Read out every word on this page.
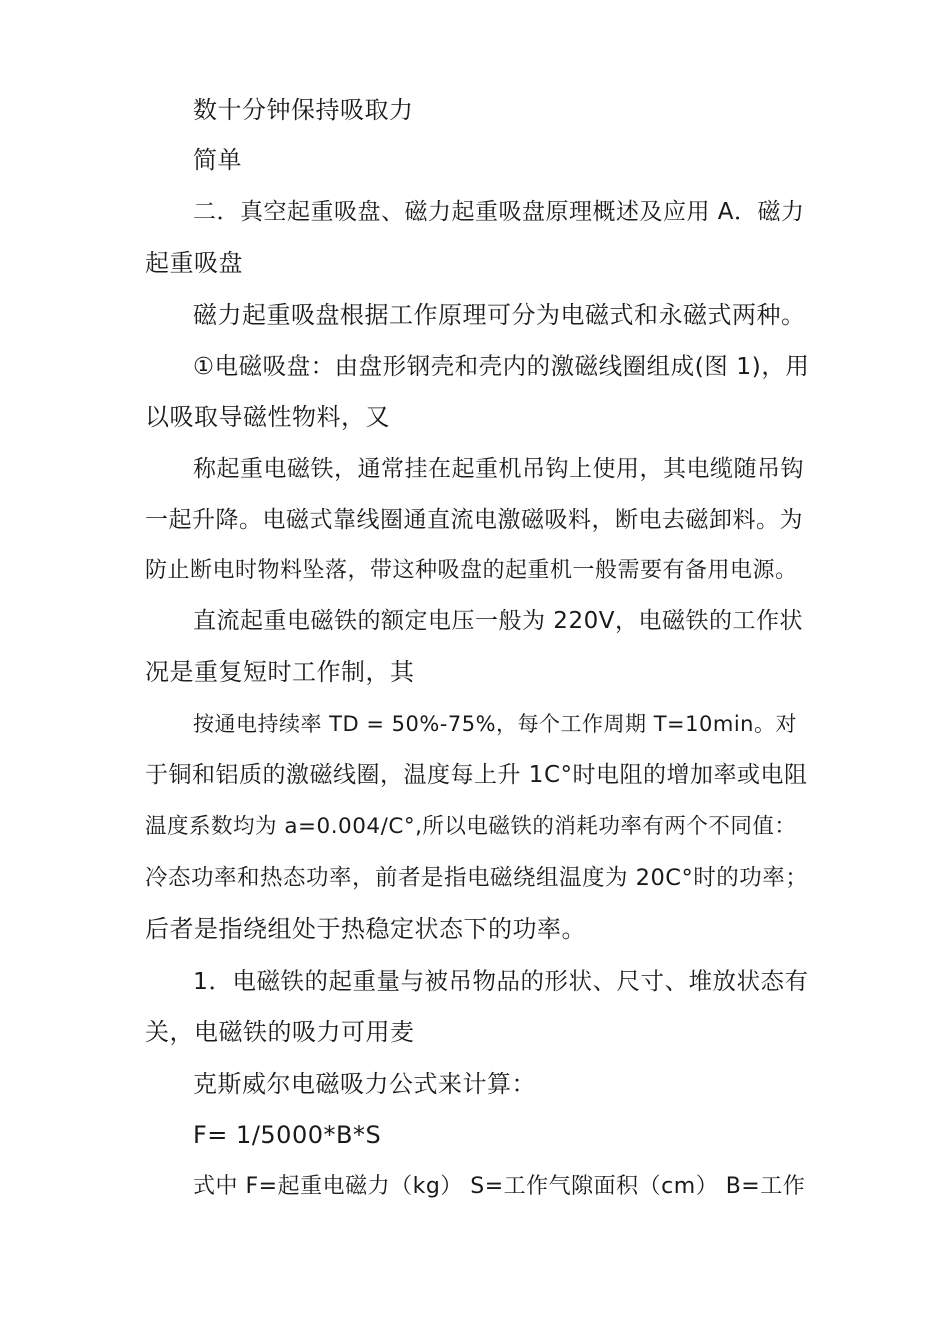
数十分钟保持吸取力
简单
二．真空起重吸盘、磁力起重吸盘原理概述及应用 A．磁力
起重吸盘
磁力起重吸盘根据工作原理可分为电磁式和永磁式两种。
①电磁吸盘：由盘形钢壳和壳内的激磁线圈组成(图 1)，用
以吸取导磁性物料，又
称起重电磁铁，通常挂在起重机吊钩上使用，其电缆随吊钩
一起升降。电磁式靠线圈通直流电激磁吸料，断电去磁卸料。为
防止断电时物料坠落，带这种吸盘的起重机一般需要有备用电源。
直流起重电磁铁的额定电压一般为 220V，电磁铁的工作状
况是重复短时工作制，其
按通电持续率 TD = 50%-75%，每个工作周期 T=10min。对
于铜和铝质的激磁线圈，温度每上升 1C°时电阻的增加率或电阻
温度系数均为 a=0.004/C°,所以电磁铁的消耗功率有两个不同值：
冷态功率和热态功率，前者是指电磁绕组温度为 20C°时的功率；
后者是指绕组处于热稳定状态下的功率。
1．电磁铁的起重量与被吊物品的形状、尺寸、堆放状态有
关，电磁铁的吸力可用麦
克斯威尔电磁吸力公式来计算：
F= 1/5000*B*S
式中 F=起重电磁力（kg） S=工作气隙面积（cm） B=工作
